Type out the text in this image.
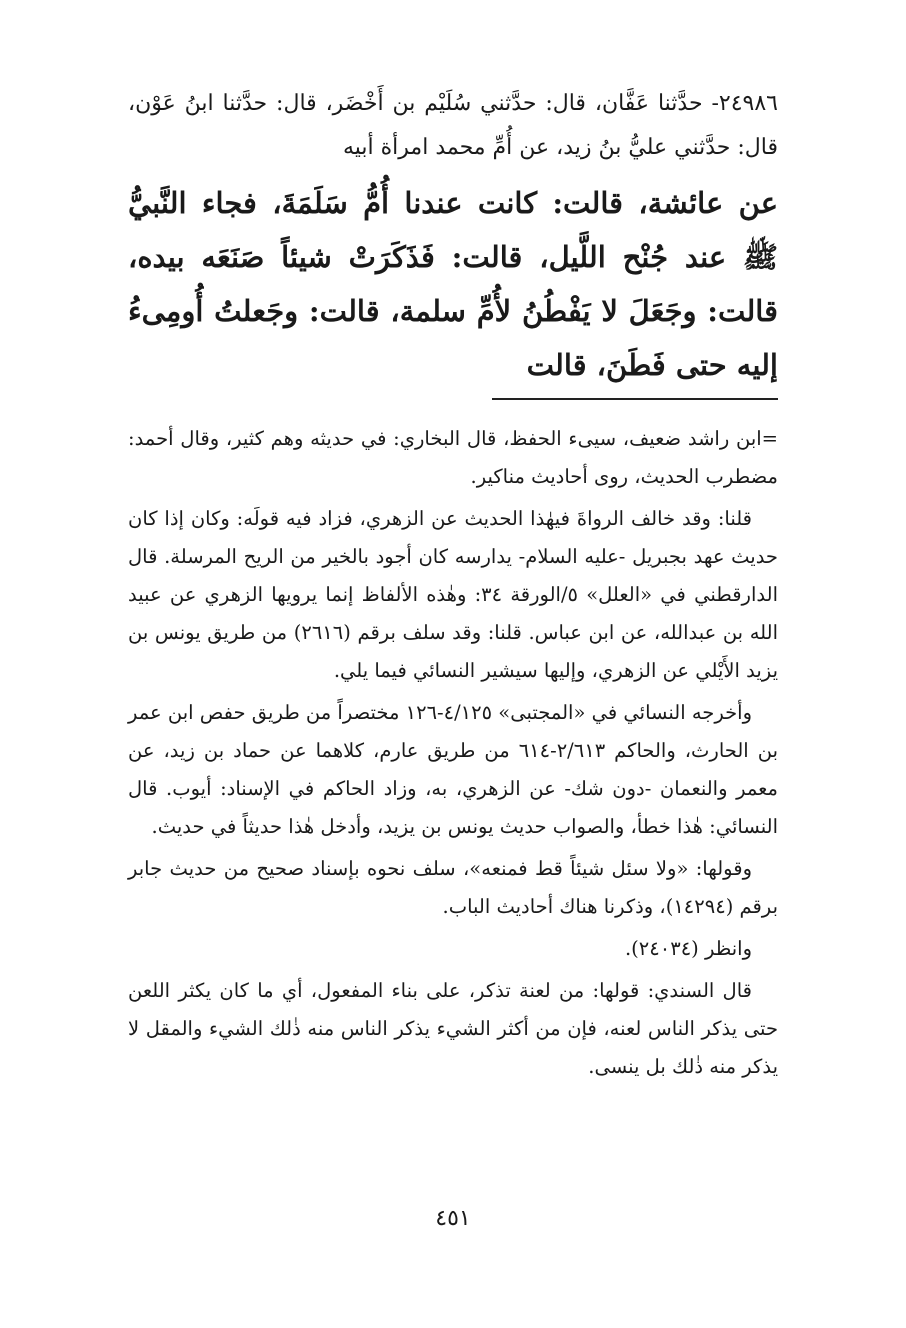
٢٤٩٨٦- حدَّثنا عَفَّان، قال: حدَّثني سُلَيْم بن أَخْضَر، قال: حدَّثنا ابنُ عَوْن، قال: حدَّثني عليُّ بنُ زيد، عن أُمِّ محمد امرأة أبيه

عن عائشة، قالت: كانت عندنا أُمُّ سَلَمَةَ، فجاء النَّبيُّ ﷺ عند جُنْح اللَّيل، قالت: فَذَكَرَتْ شيئاً صَنَعَه بيده، قالت: وجَعَلَ لا يَفْطُنُ لأُمِّ سلمة، قالت: وجَعلتُ أُومِىءُ إليه حتى فَطَنَ، قالت

=ابن راشد ضعيف، سيىء الحفظ، قال البخاري: في حديثه وهم كثير، وقال أحمد: مضطرب الحديث، روى أحاديث مناكير.

قلنا: وقد خالف الرواةَ فيهٰذا الحديث عن الزهري، فزاد فيه قولَه: وكان إذا كان حديث عهد بجبريل -عليه السلام- يدارسه كان أجود بالخير من الريح المرسلة. قال الدارقطني في «العلل» ٥/الورقة ٣٤: وهٰذه الألفاظ إنما يرويها الزهري عن عبيد الله بن عبدالله، عن ابن عباس. قلنا: وقد سلف برقم (٢٦١٦) من طريق يونس بن يزيد الأَيْلي عن الزهري، وإليها سيشير النسائي فيما يلي.

وأخرجه النسائي في «المجتبى» ٤/١٢٥-١٢٦ مختصراً من طريق حفص ابن عمر بن الحارث، والحاكم ٢/٦١٣-٦١٤ من طريق عارم، كلاهما عن حماد بن زيد، عن معمر والنعمان -دون شك- عن الزهري، به، وزاد الحاكم في الإسناد: أيوب. قال النسائي: هٰذا خطأ، والصواب حديث يونس بن يزيد، وأدخل هٰذا حديثاً في حديث.

وقولها: «ولا سئل شيئاً قط فمنعه»، سلف نحوه بإسناد صحيح من حديث جابر برقم (١٤٢٩٤)، وذكرنا هناك أحاديث الباب.

وانظر (٢٤٠٣٤).

قال السندي: قولها: من لعنة تذكر، على بناء المفعول، أي ما كان يكثر اللعن حتى يذكر الناس لعنه، فإن من أكثر الشيء يذكر الناس منه ذٰلك الشيء والمقل لا يذكر منه ذٰلك بل ينسى.

٤٥١
